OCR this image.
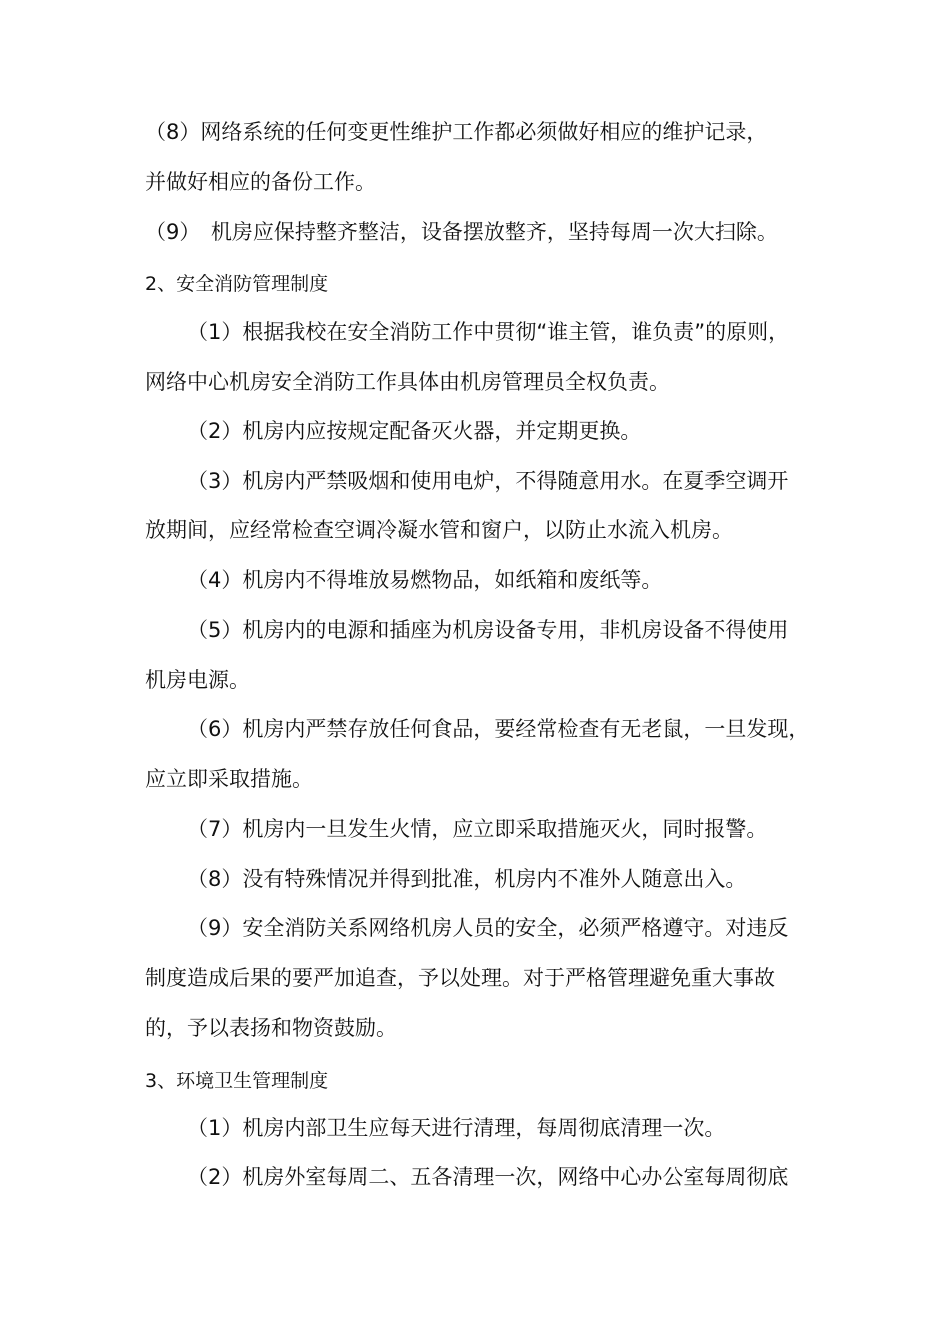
（8）网络系统的任何变更性维护工作都必须做好相应的维护记录，
并做好相应的备份工作。
（9）　机房应保持整齐整洁，设备摆放整齐，坚持每周一次大扫除。
2、安全消防管理制度
（1）根据我校在安全消防工作中贯彻“谁主管，谁负责”的原则，
网络中心机房安全消防工作具体由机房管理员全权负责。
（2）机房内应按规定配备灭火器，并定期更换。
（3）机房内严禁吸烟和使用电炉，不得随意用水。在夏季空调开
放期间，应经常检查空调冷凝水管和窗户，以防止水流入机房。
（4）机房内不得堆放易燃物品，如纸箱和废纸等。
（5）机房内的电源和插座为机房设备专用，非机房设备不得使用
机房电源。
（6）机房内严禁存放任何食品，要经常检查有无老鼠，一旦发现，
应立即采取措施。
（7）机房内一旦发生火情，应立即采取措施灭火，同时报警。
（8）没有特殊情况并得到批准，机房内不准外人随意出入。
（9）安全消防关系网络机房人员的安全，必须严格遵守。对违反
制度造成后果的要严加追查，予以处理。对于严格管理避免重大事故
的，予以表扬和物资鼓励。
3、环境卫生管理制度
（1）机房内部卫生应每天进行清理，每周彻底清理一次。
（2）机房外室每周二、五各清理一次，网络中心办公室每周彻底
